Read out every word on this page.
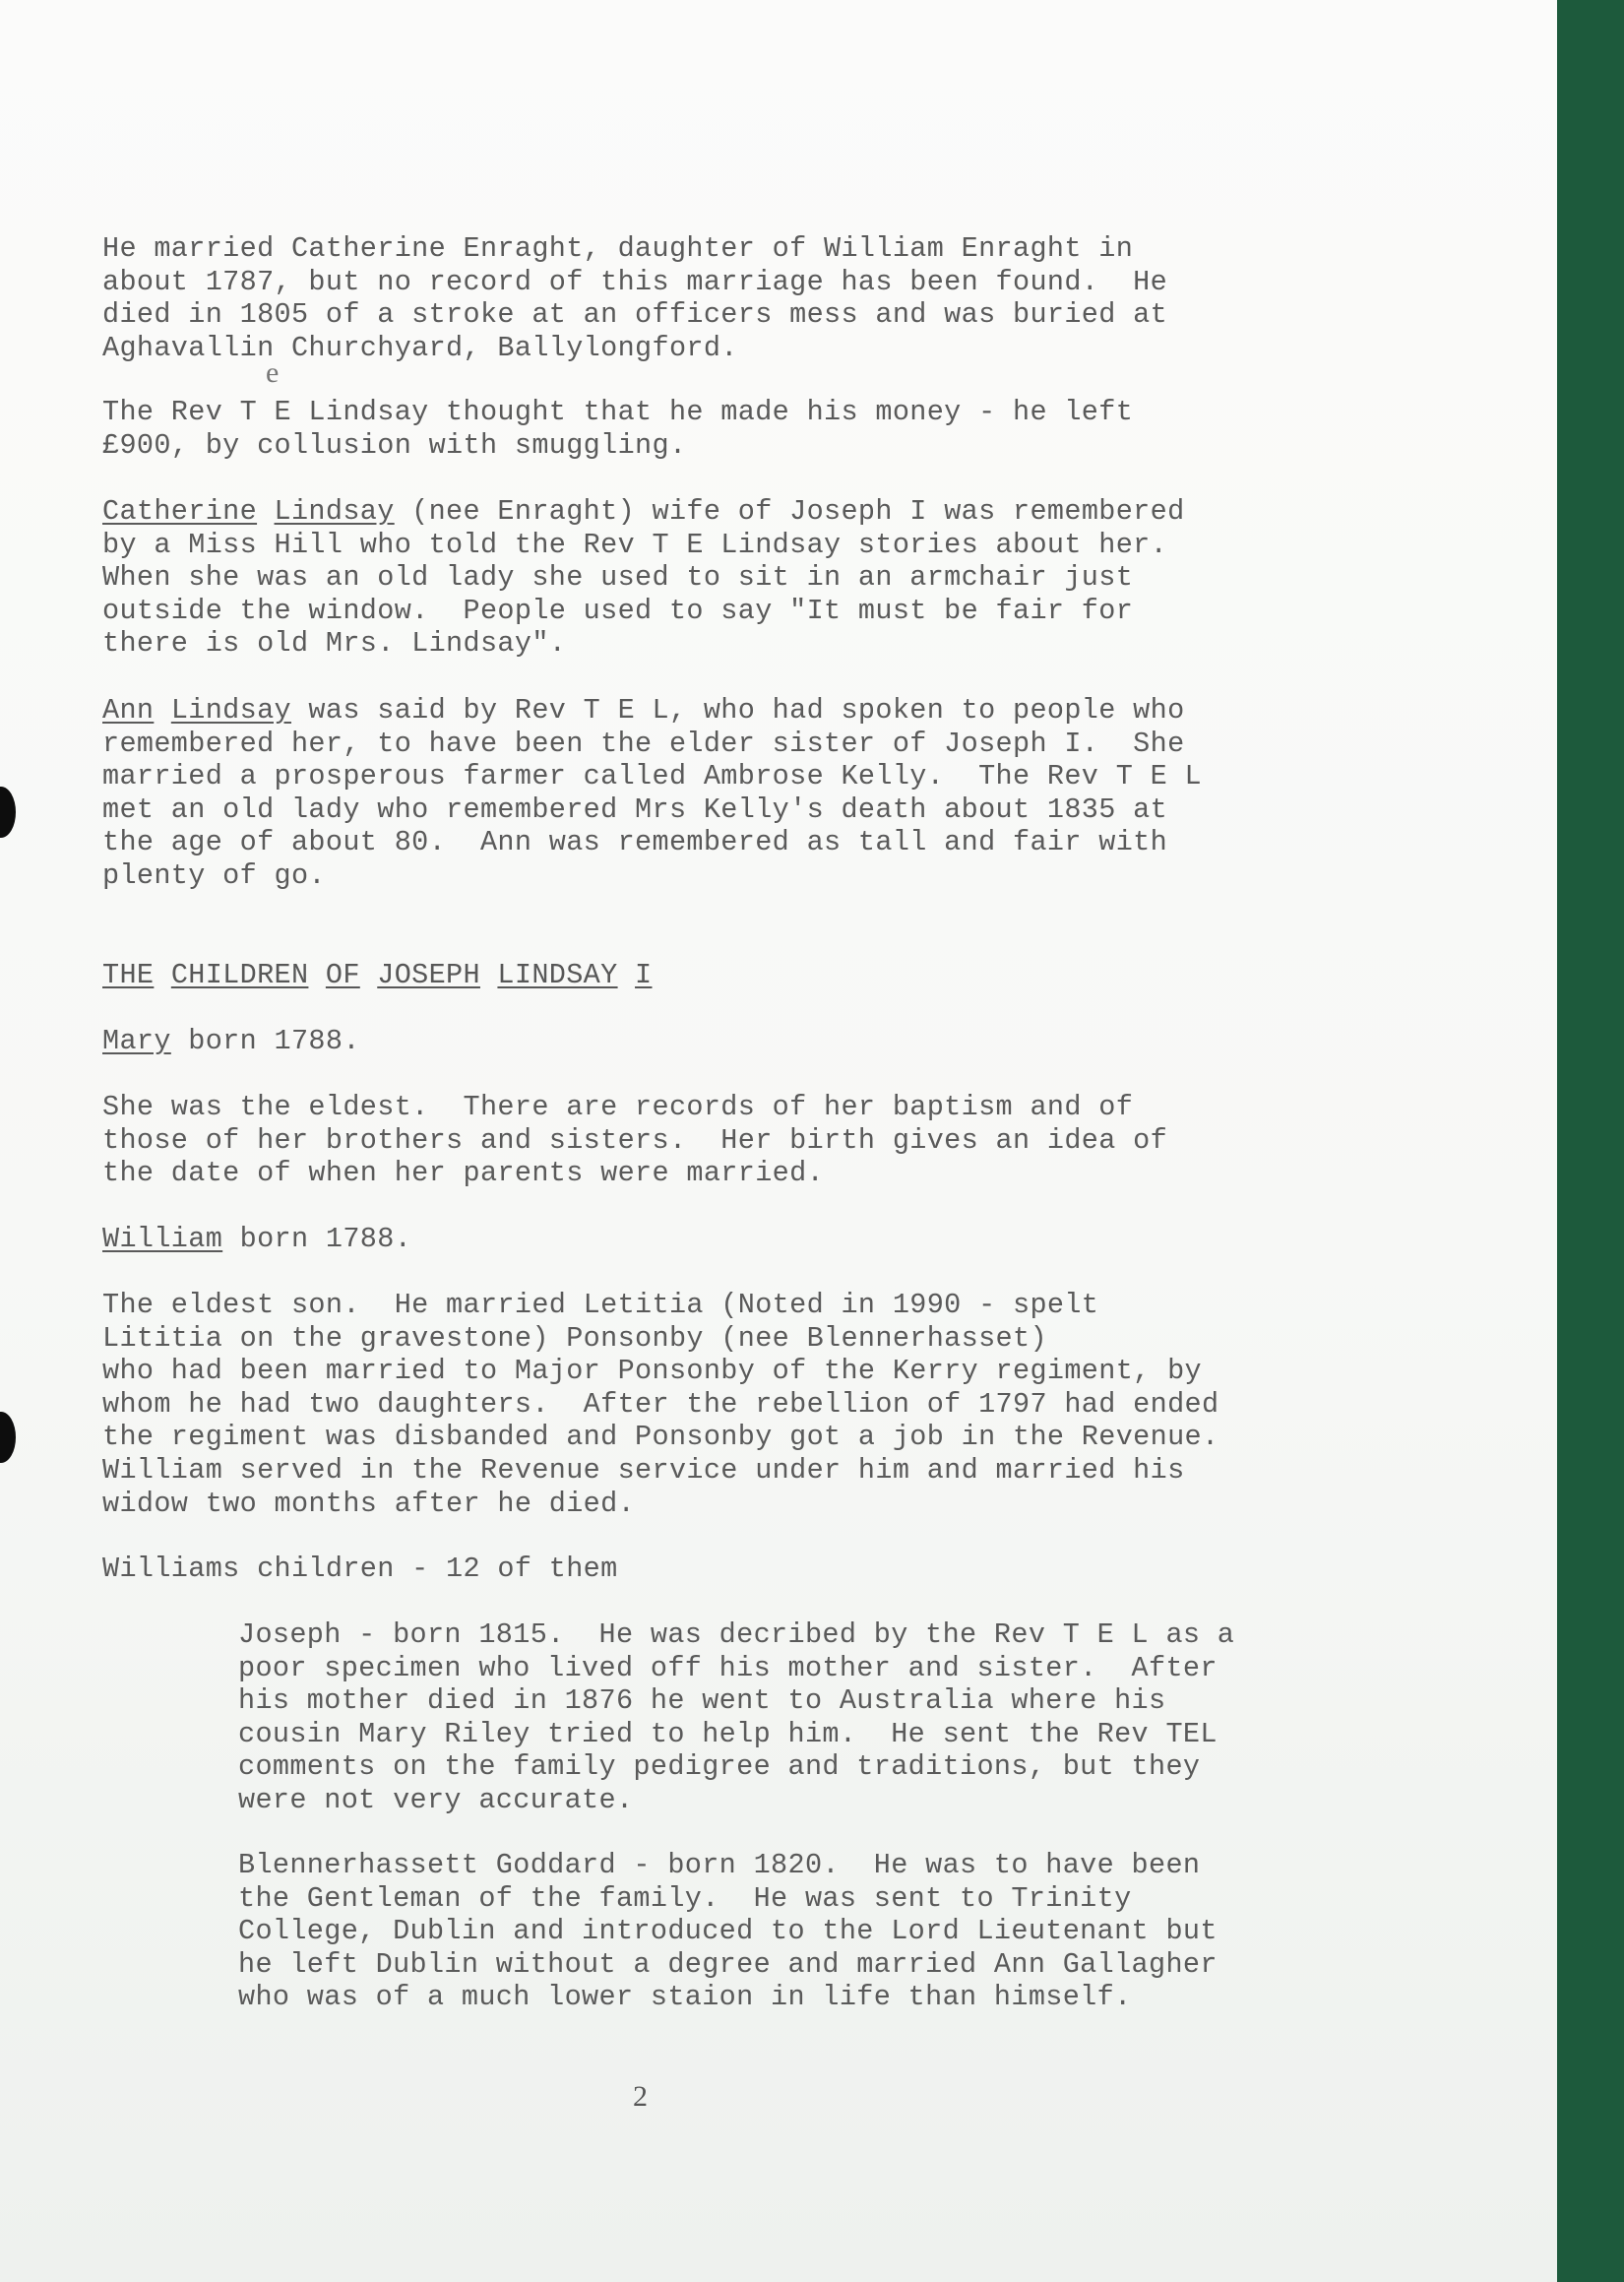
He married Catherine Enraght, daughter of William Enraght in
about 1787, but no record of this marriage has been found.  He
died in 1805 of a stroke at an officers mess and was buried at
Aghavallin Churchyard, Ballylongford.

e

The Rev T E Lindsay thought that he made his money - he left
£900, by collusion with smuggling.

Catherine Lindsay (nee Enraght) wife of Joseph I was remembered
by a Miss Hill who told the Rev T E Lindsay stories about her.
When she was an old lady she used to sit in an armchair just
outside the window.  People used to say "It must be fair for
there is old Mrs. Lindsay".

Ann Lindsay was said by Rev T E L, who had spoken to people who
remembered her, to have been the elder sister of Joseph I.  She
married a prosperous farmer called Ambrose Kelly.  The Rev T E L
met an old lady who remembered Mrs Kelly's death about 1835 at
the age of about 80.  Ann was remembered as tall and fair with
plenty of go.

THE CHILDREN OF JOSEPH LINDSAY I

Mary born 1788.

She was the eldest.  There are records of her baptism and of
those of her brothers and sisters.  Her birth gives an idea of
the date of when her parents were married.

William born 1788.

The eldest son.  He married Letitia (Noted in 1990 - spelt
Lititia on the gravestone) Ponsonby (nee Blennerhasset)
who had been married to Major Ponsonby of the Kerry regiment, by
whom he had two daughters.  After the rebellion of 1797 had ended
the regiment was disbanded and Ponsonby got a job in the Revenue.
William served in the Revenue service under him and married his
widow two months after he died.

Williams children - 12 of them

Joseph - born 1815.  He was decribed by the Rev T E L as a
poor specimen who lived off his mother and sister.  After
his mother died in 1876 he went to Australia where his
cousin Mary Riley tried to help him.  He sent the Rev TEL
comments on the family pedigree and traditions, but they
were not very accurate.

Blennerhassett Goddard - born 1820.  He was to have been
the Gentleman of the family.  He was sent to Trinity
College, Dublin and introduced to the Lord Lieutenant but
he left Dublin without a degree and married Ann Gallagher
who was of a much lower staion in life than himself.

2
